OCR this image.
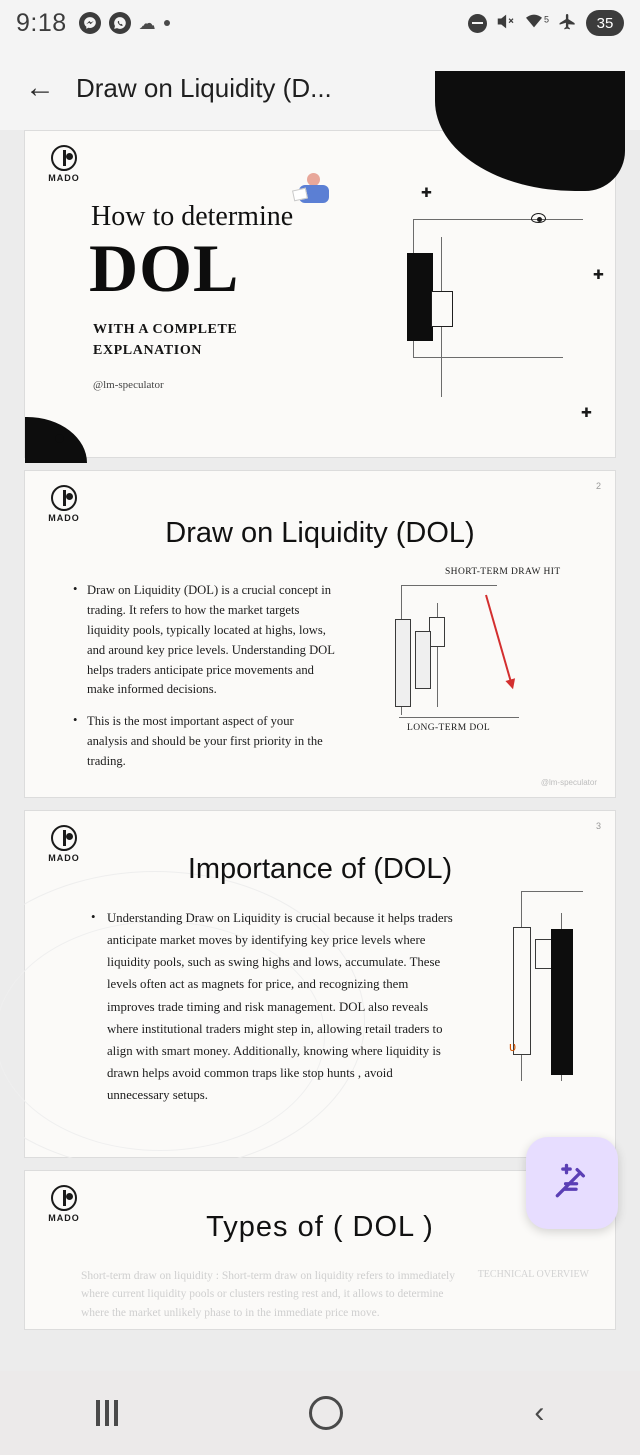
9:18	☁	$^5$	35
← Draw on Liquidity (D...
MADO
How to determine
DOL
WITH A COMPLETE
EXPLANATION
@lm-speculator
✚
✚
✚
2
MADO	Draw on Liquidity (DOL)
• Draw on Liquidity (DOL) is a crucial concept in trading. It refers to how the market targets liquidity pools, typically located at highs, lows, and around key price levels. Understanding DOL helps traders anticipate price movements and make informed decisions.
• This is the most important aspect of your analysis and should be your first priority in the trading.
SHORT-TERM DRAW HIT
LONG-TERM DOL
@lm-speculator
3
MADO	Importance of (DOL)
• Understanding Draw on Liquidity is crucial because it helps traders anticipate market moves by identifying key price levels where liquidity pools, such as swing highs and lows, accumulate. These levels often act as magnets for price, and recognizing them improves trade timing and risk management. DOL also reveals where institutional traders might step in, allowing retail traders to align with smart money. Additionally, knowing where liquidity is drawn helps avoid common traps like stop hunts , avoid unnecessary setups.
υ
MADO	Types of ( DOL )
Short-term draw on liquidity : Short-term draw on liquidity refers to immediately where current liquidity pools or clusters resting rest and, it allows to determine where the market unlikely phase to in the immediate price move.
TECHNICAL OVERVIEW
‹
